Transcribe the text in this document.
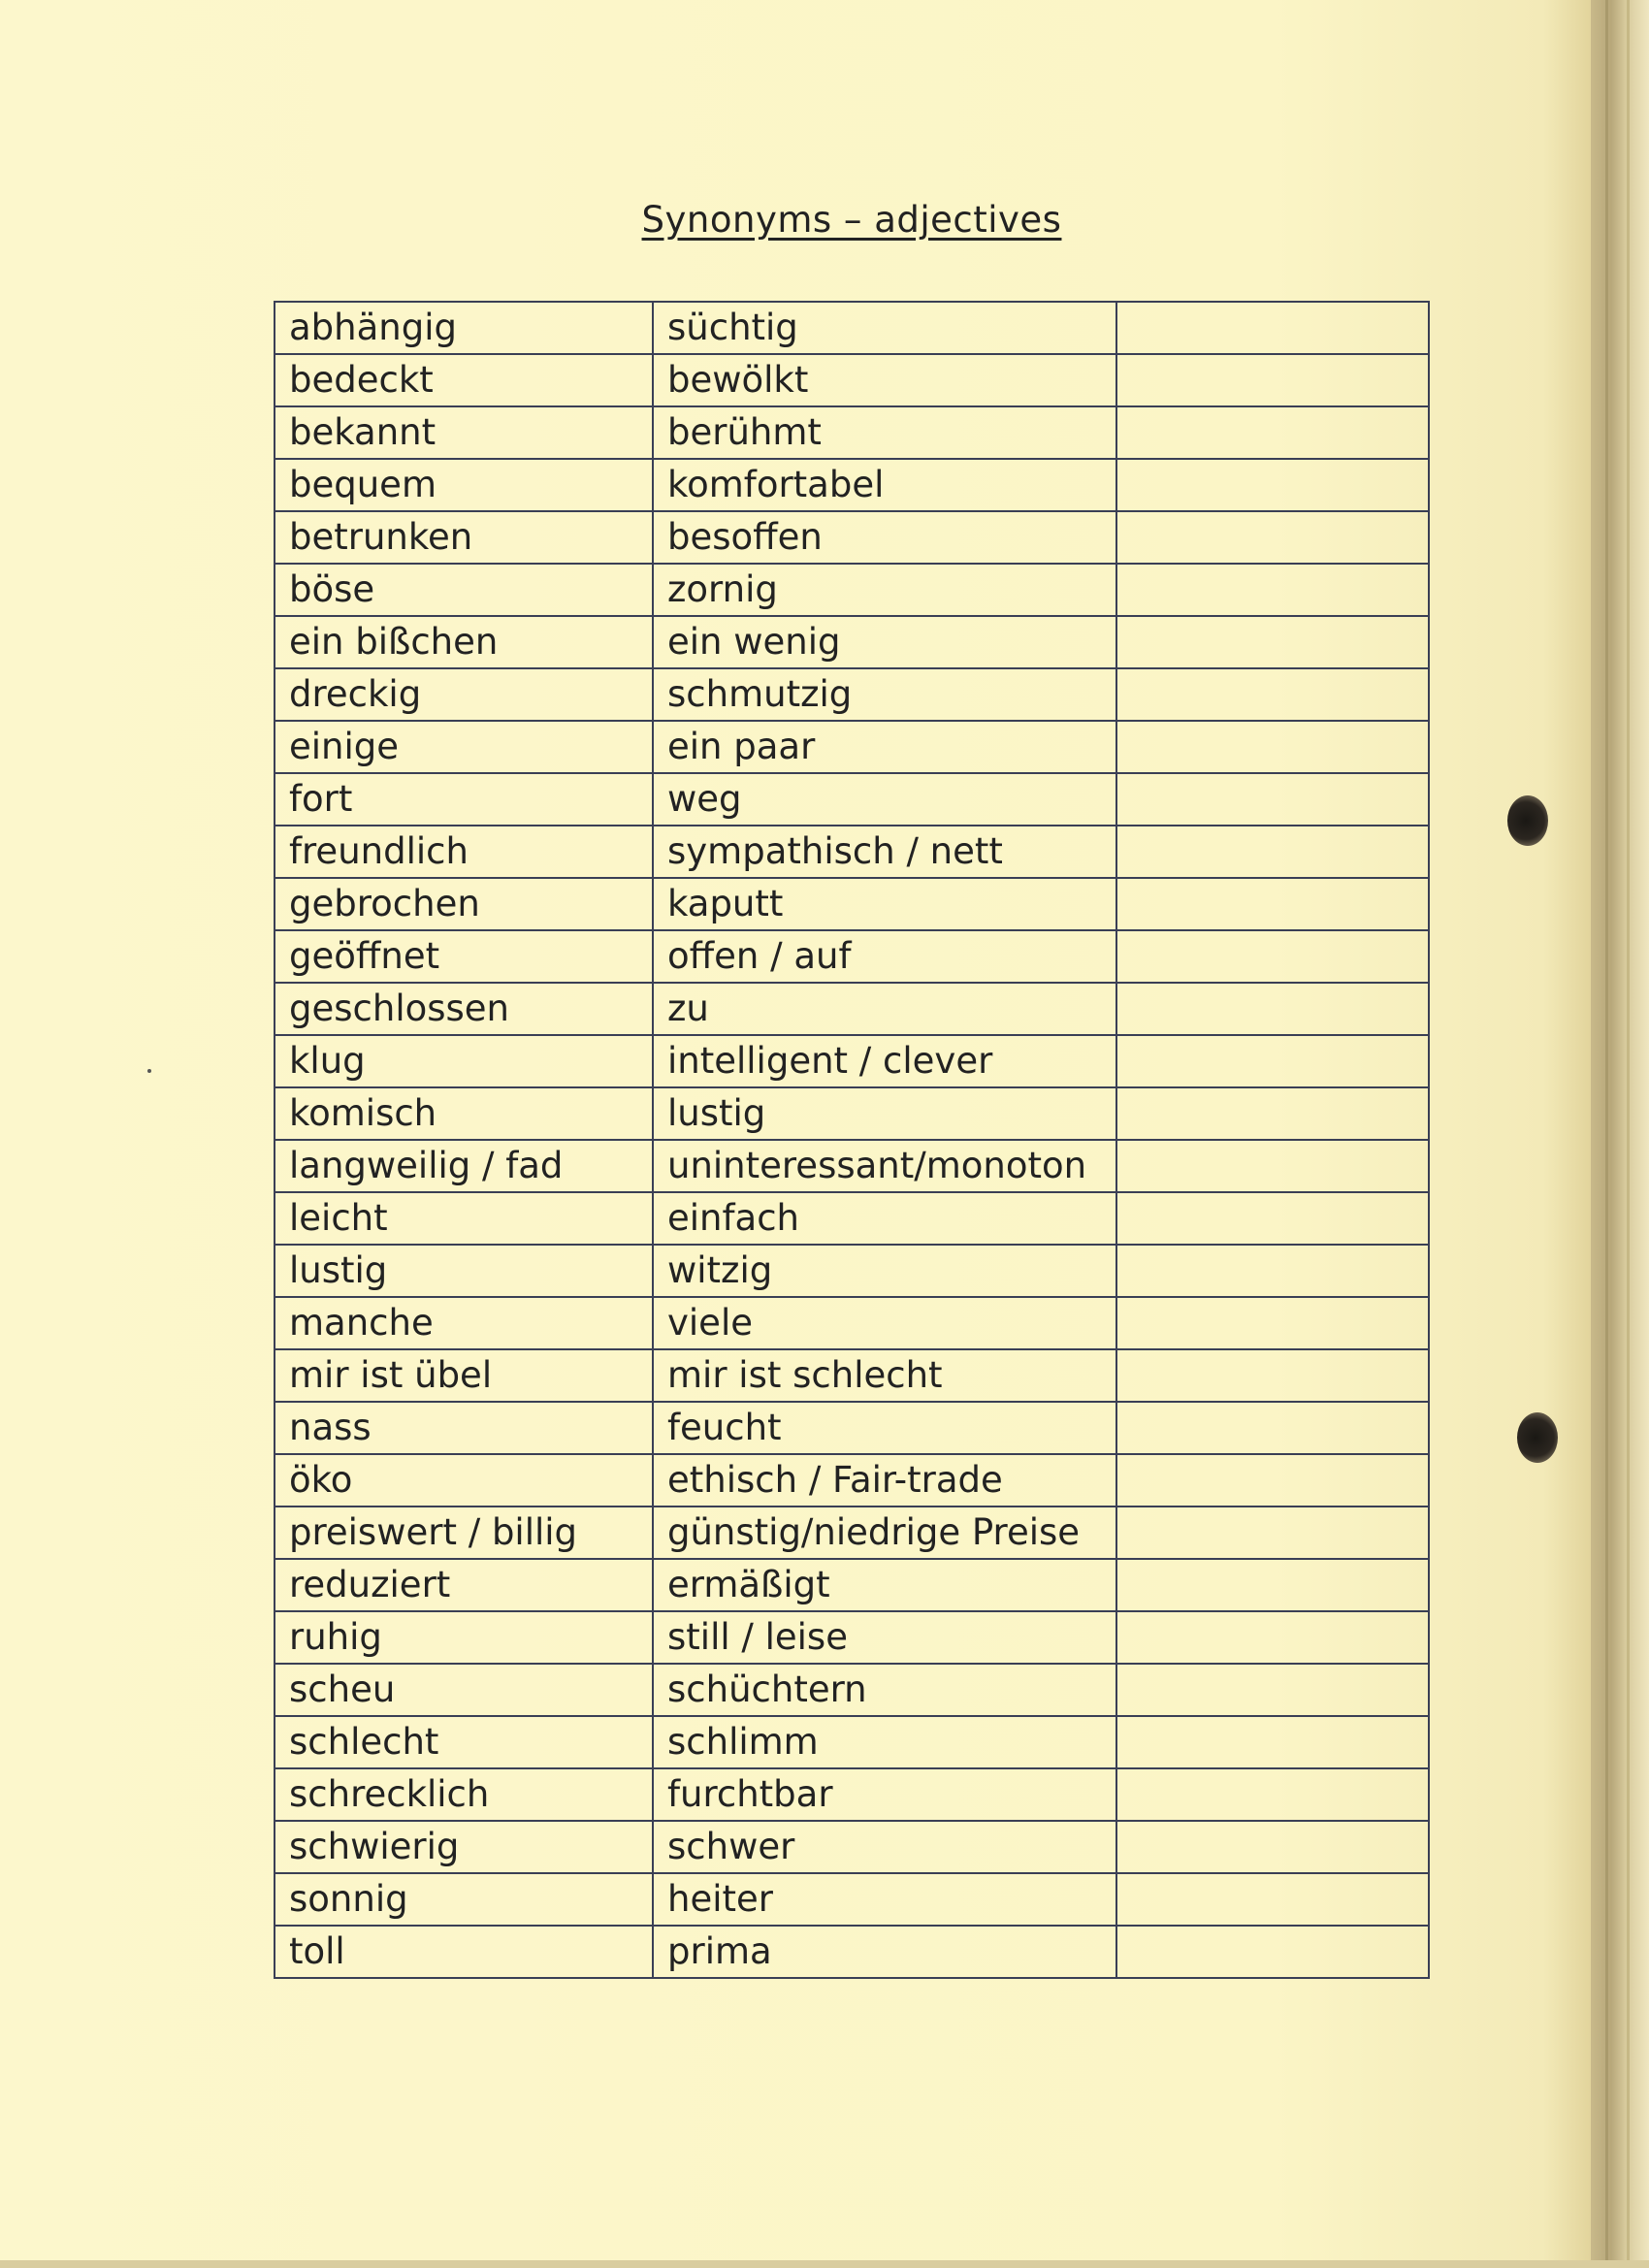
Synonyms – adjectives
abhängig	süchtig	
bedeckt	bewölkt	
bekannt	berühmt	
bequem	komfortabel	
betrunken	besoffen	
böse	zornig	
ein bißchen	ein wenig	
dreckig	schmutzig	
einige	ein paar	
fort	weg	
freundlich	sympathisch / nett	
gebrochen	kaputt	
geöffnet	offen / auf	
geschlossen	zu	
klug	intelligent / clever	
komisch	lustig	
langweilig / fad	uninteressant/monoton	
leicht	einfach	
lustig	witzig	
manche	viele	
mir ist übel	mir ist schlecht	
nass	feucht	
öko	ethisch / Fair-trade	
preiswert / billig	günstig/niedrige Preise	
reduziert	ermäßigt	
ruhig	still / leise	
scheu	schüchtern	
schlecht	schlimm	
schrecklich	furchtbar	
schwierig	schwer	
sonnig	heiter	
toll	prima	
